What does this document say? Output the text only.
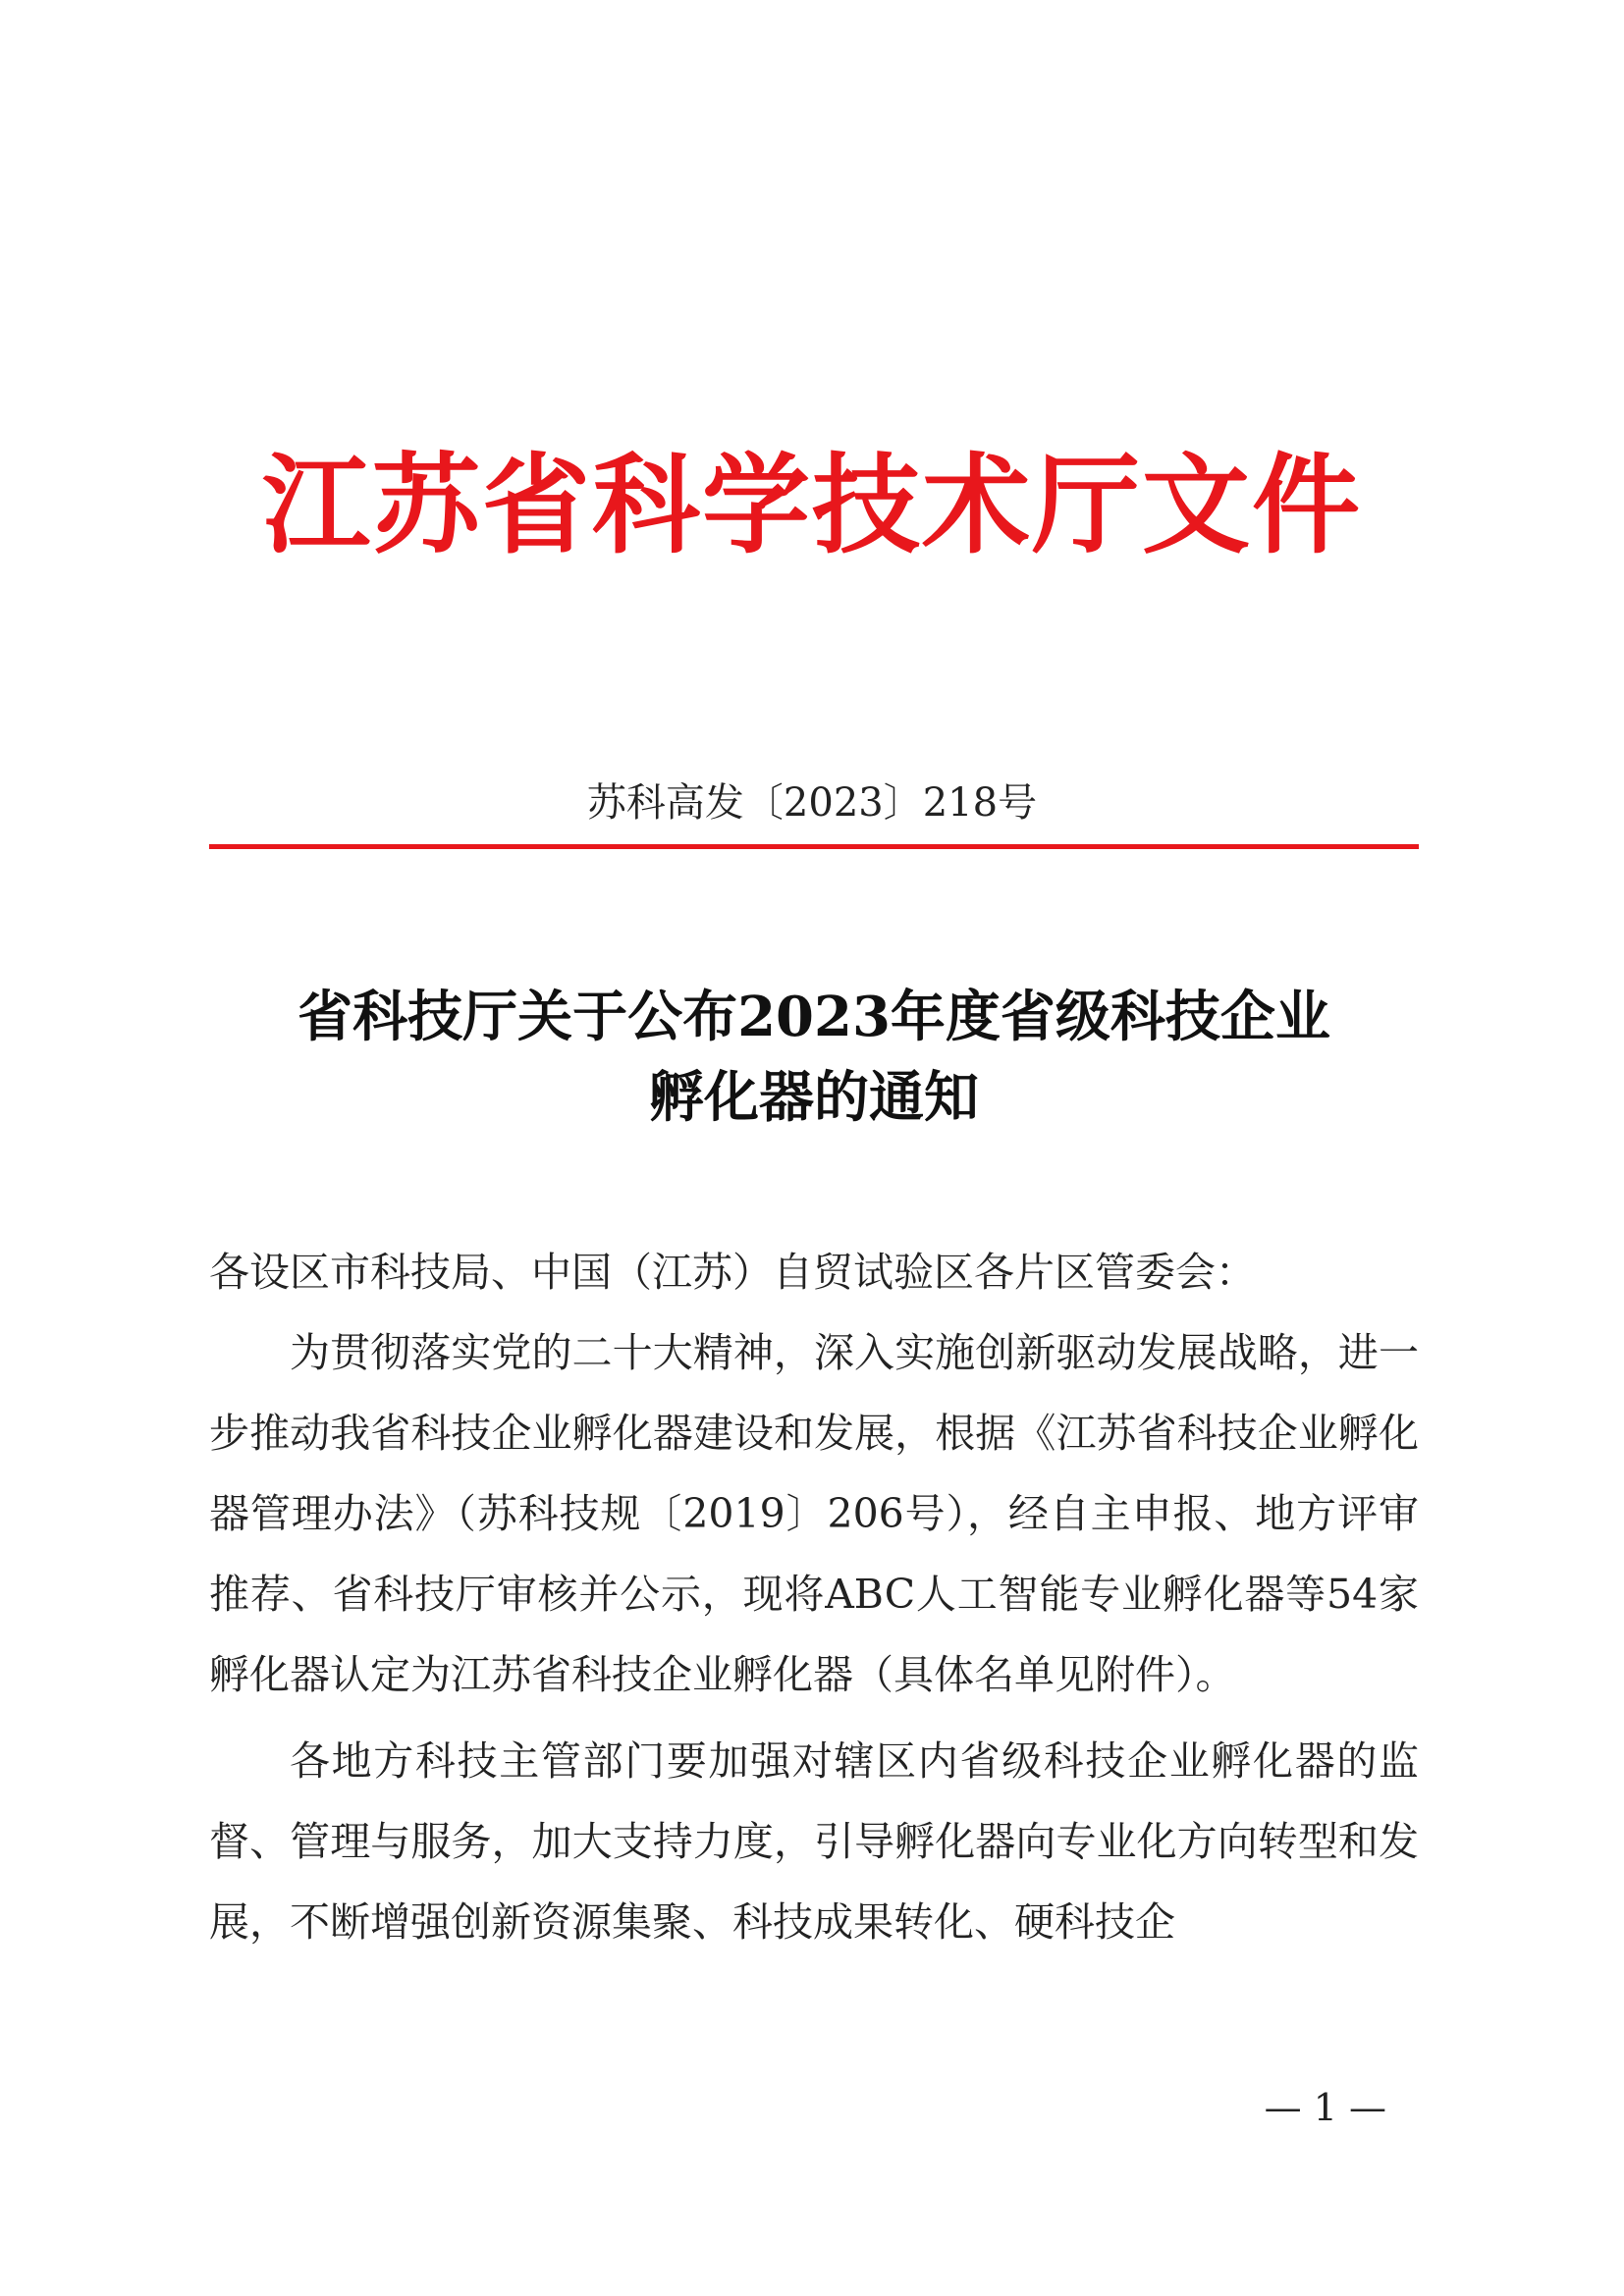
江苏省科学技术厅文件
苏科高发〔2023〕218号
省科技厅关于公布2023年度省级科技企业
孵化器的通知

各设区市科技局、中国（江苏）自贸试验区各片区管委会：

为贯彻落实党的二十大精神，深入实施创新驱动发展战略，进一步推动我省科技企业孵化器建设和发展，根据《江苏省科技企业孵化器管理办法》（苏科技规〔2019〕206号），经自主申报、地方评审推荐、省科技厅审核并公示，现将ABC人工智能专业孵化器等54家孵化器认定为江苏省科技企业孵化器（具体名单见附件）。

各地方科技主管部门要加强对辖区内省级科技企业孵化器的监督、管理与服务，加大支持力度，引导孵化器向专业化方向转型和发展，不断增强创新资源集聚、科技成果转化、硬科技企

— 1 —
